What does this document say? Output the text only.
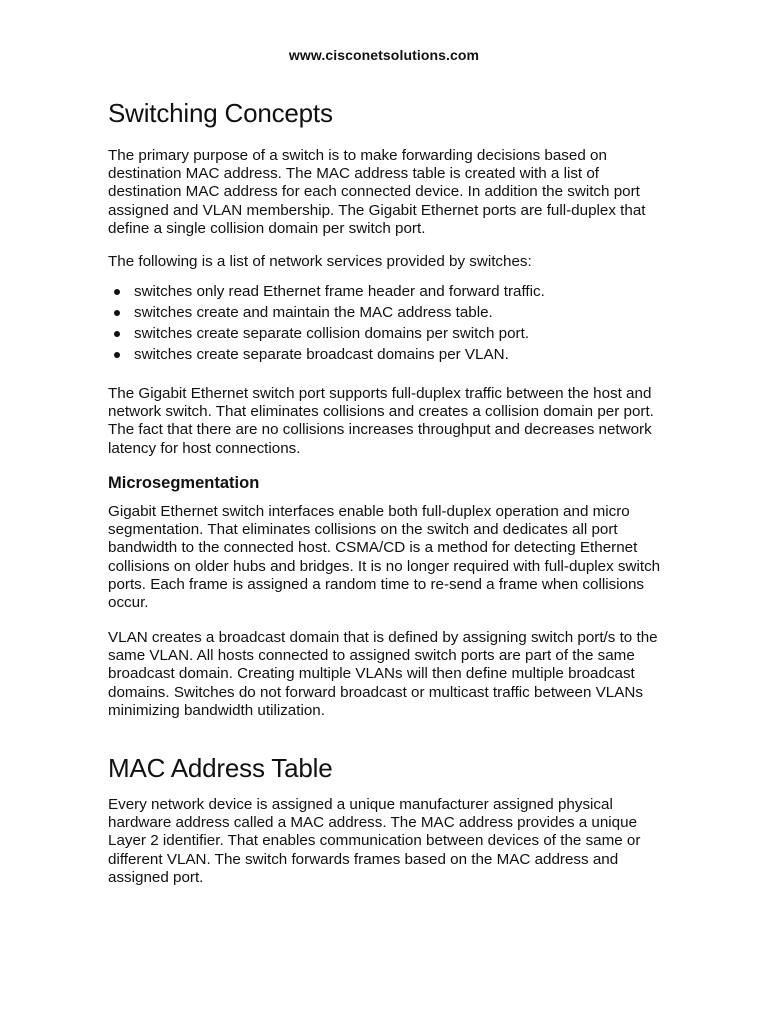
www.cisconetsolutions.com
Switching Concepts

The primary purpose of a switch is to make forwarding decisions based on destination MAC address. The MAC address table is created with a list of destination MAC address for each connected device. In addition the switch port assigned and VLAN membership. The Gigabit Ethernet ports are full-duplex that define a single collision domain per switch port.

The following is a list of network services provided by switches:

switches only read Ethernet frame header and forward traffic.
switches create and maintain the MAC address table.
switches create separate collision domains per switch port.
switches create separate broadcast domains per VLAN.

The Gigabit Ethernet switch port supports full-duplex traffic between the host and network switch. That eliminates collisions and creates a collision domain per port. The fact that there are no collisions increases throughput and decreases network latency for host connections.

Microsegmentation

Gigabit Ethernet switch interfaces enable both full-duplex operation and micro segmentation. That eliminates collisions on the switch and dedicates all port bandwidth to the connected host. CSMA/CD is a method for detecting Ethernet collisions on older hubs and bridges. It is no longer required with full-duplex switch ports. Each frame is assigned a random time to re-send a frame when collisions occur.

VLAN creates a broadcast domain that is defined by assigning switch port/s to the same VLAN. All hosts connected to assigned switch ports are part of the same broadcast domain. Creating multiple VLANs will then define multiple broadcast domains. Switches do not forward broadcast or multicast traffic between VLANs minimizing bandwidth utilization.

MAC Address Table

Every network device is assigned a unique manufacturer assigned physical hardware address called a MAC address. The MAC address provides a unique Layer 2 identifier. That enables communication between devices of the same or different VLAN. The switch forwards frames based on the MAC address and assigned port.
